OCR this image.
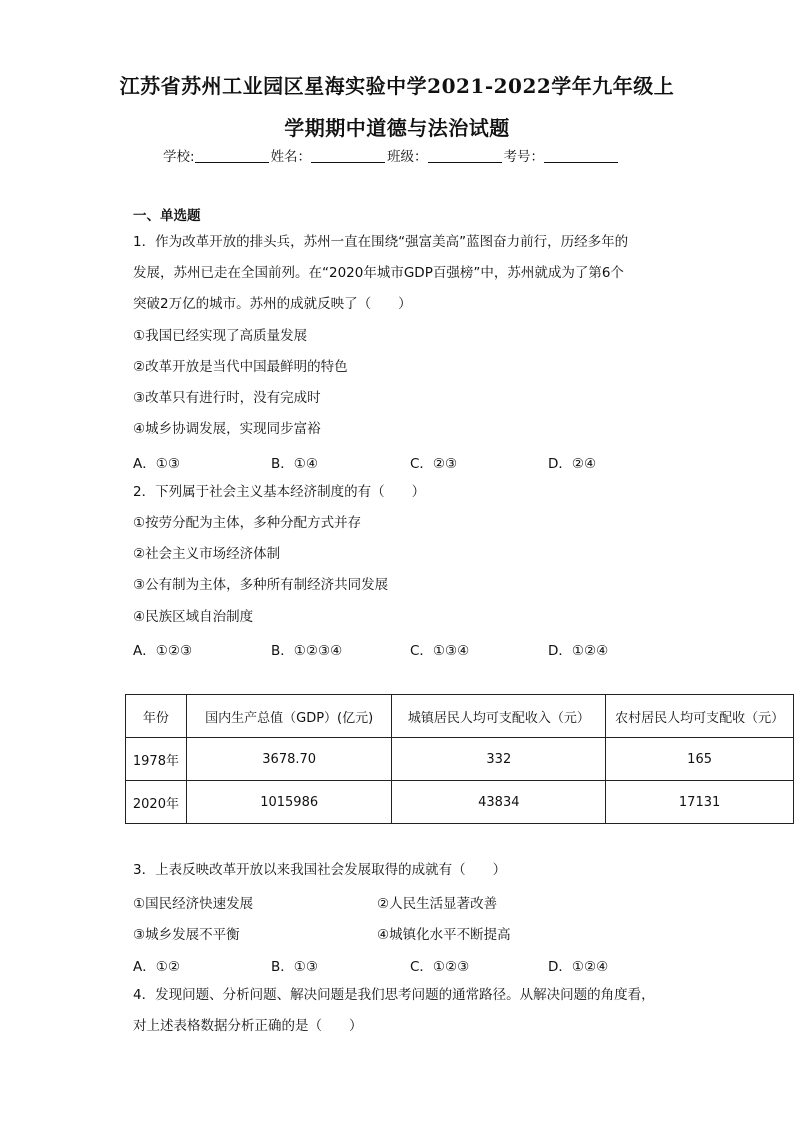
江苏省苏州工业园区星海实验中学2021-2022学年九年级上
学期期中道德与法治试题
学校:	姓名：	班级：	考号：
一、单选题
1．作为改革开放的排头兵，苏州一直在围绕“强富美高”蓝图奋力前行，历经多年的
发展，苏州已走在全国前列。在“2020年城市GDP百强榜”中，苏州就成为了第6个
突破2万亿的城市。苏州的成就反映了（　　）
①我国已经实现了高质量发展
②改革开放是当代中国最鲜明的特色
③改革只有进行时，没有完成时
④城乡协调发展，实现同步富裕
A．①③	B．①④	C．②③	D．②④
2．下列属于社会主义基本经济制度的有（　　）
①按劳分配为主体，多种分配方式并存
②社会主义市场经济体制
③公有制为主体，多种所有制经济共同发展
④民族区域自治制度
A．①②③	B．①②③④	C．①③④	D．①②④
年份	国内生产总值（GDP）(亿元)	城镇居民人均可支配收入（元）	农村居民人均可支配收（元）
1978年	3678.70	332	165
2020年	1015986	43834	17131
3．上表反映改革开放以来我国社会发展取得的成就有（　　）
①国民经济快速发展	②人民生活显著改善
③城乡发展不平衡	④城镇化水平不断提高
A．①②	B．①③	C．①②③	D．①②④
4．发现问题、分析问题、解决问题是我们思考问题的通常路径。从解决问题的角度看，
对上述表格数据分析正确的是（　　）
